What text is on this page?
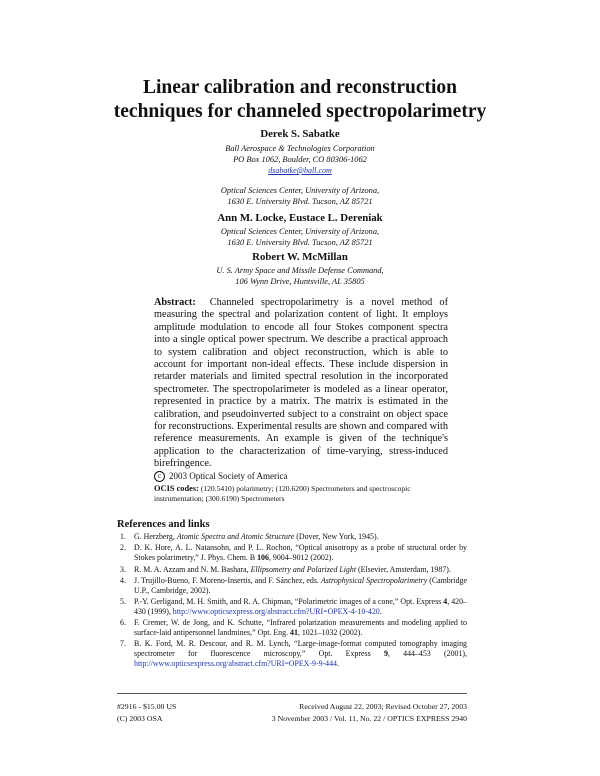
Linear calibration and reconstruction
techniques for channeled spectropolarimetry
Derek S. Sabatke
Ball Aerospace & Technologies Corporation
PO Box 1062, Boulder, CO 80306-1062
dsabatke@ball.com
Optical Sciences Center, University of Arizona,
1630 E. University Blvd. Tucson, AZ 85721
Ann M. Locke, Eustace L. Dereniak
Optical Sciences Center, University of Arizona,
1630 E. University Blvd. Tucson, AZ 85721
Robert W. McMillan
U. S. Army Space and Missile Defense Command,
106 Wynn Drive, Huntsville, AL 35805

Abstract: Channeled spectropolarimetry is a novel method of measuring the spectral and polarization content of light. It employs amplitude modulation to encode all four Stokes component spectra into a single optical power spectrum. We describe a practical approach to system calibration and object reconstruction, which is able to account for important non-ideal effects. These include dispersion in retarder materials and limited spectral resolution in the incorporated spectrometer. The spectropolarimeter is modeled as a linear operator, represented in practice by a matrix. The matrix is estimated in the calibration, and pseudoinverted subject to a constraint on object space for reconstructions. Experimental results are shown and compared with reference measurements. An example is given of the technique's application to the characterization of time-varying, stress-induced birefringence.

c 2003 Optical Society of America

OCIS codes: (120.5410) polarimetry; (120.6200) Spectrometers and spectroscopic instrumentation; (300.6190) Spectrometers

References and links
1. G. Herzberg, Atomic Spectra and Atomic Structure (Dover, New York, 1945).
2. D. K. Hore, A. L. Natansohn, and P. L. Rochon, “Optical anisotropy as a probe of structural order by Stokes polarimetry,” J. Phys. Chem. B 106, 9004–9012 (2002).
3. R. M. A. Azzam and N. M. Bashara, Ellipsometry and Polarized Light (Elsevier, Amsterdam, 1987).
4. J. Trujillo-Bueno, F. Moreno-Insertis, and F. Sánchez, eds. Astrophysical Spectropolarimetry (Cambridge U.P., Cambridge, 2002).
5. P.-Y. Gerligand, M. H. Smith, and R. A. Chipman, “Polarimetric images of a cone,” Opt. Express 4, 420–430 (1999), http://www.opticsexpress.org/abstract.cfm?URI=OPEX-4-10-420.
6. F. Cremer, W. de Jong, and K. Schutte, “Infrared polarization measurements and modeling applied to surface-laid antipersonnel landmines,” Opt. Eng. 41, 1021–1032 (2002).
7. B. K. Ford, M. R. Descour, and R. M. Lynch, “Large-image-format computed tomography imaging spectrometer for fluorescence microscopy,” Opt. Express 9, 444–453 (2001), http://www.opticsexpress.org/abstract.cfm?URI=OPEX-9-9-444.
#2916 - $15.00 US	Received August 22, 2003; Revised October 27, 2003
(C) 2003 OSA	3 November 2003 / Vol. 11, No. 22 / OPTICS EXPRESS 2940
